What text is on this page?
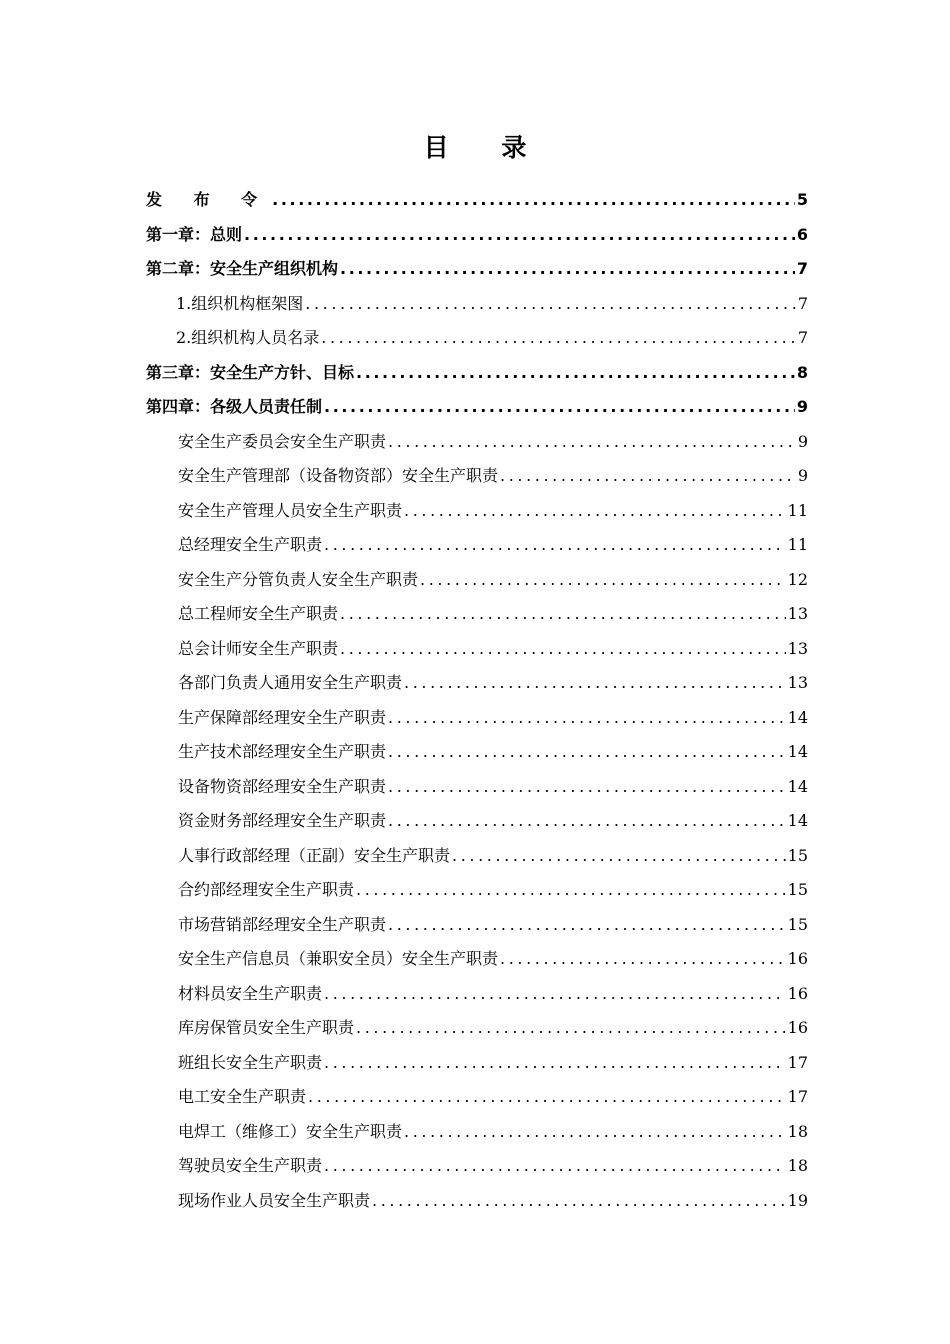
目 录
发 布 令 .....	5
第一章：总则 .....	6
第二章：安全生产组织机构 .....	7
1.组织机构框架图 .....	7
2.组织机构人员名录 .....	7
第三章：安全生产方针、目标 .....	8
第四章：各级人员责任制 .....	9
安全生产委员会安全生产职责 .....	9
安全生产管理部（设备物资部）安全生产职责 .....	9
安全生产管理人员安全生产职责 .....	11
总经理安全生产职责 .....	11
安全生产分管负责人安全生产职责 .....	12
总工程师安全生产职责 .....	13
总会计师安全生产职责 .....	13
各部门负责人通用安全生产职责 .....	13
生产保障部经理安全生产职责 .....	14
生产技术部经理安全生产职责 .....	14
设备物资部经理安全生产职责 .....	14
资金财务部经理安全生产职责 .....	14
人事行政部经理（正副）安全生产职责 .....	15
合约部经理安全生产职责 .....	15
市场营销部经理安全生产职责 .....	15
安全生产信息员（兼职安全员）安全生产职责 .....	16
材料员安全生产职责 .....	16
库房保管员安全生产职责 .....	16
班组长安全生产职责 .....	17
电工安全生产职责 .....	17
电焊工（维修工）安全生产职责 .....	18
驾驶员安全生产职责 .....	18
现场作业人员安全生产职责 .....	19
